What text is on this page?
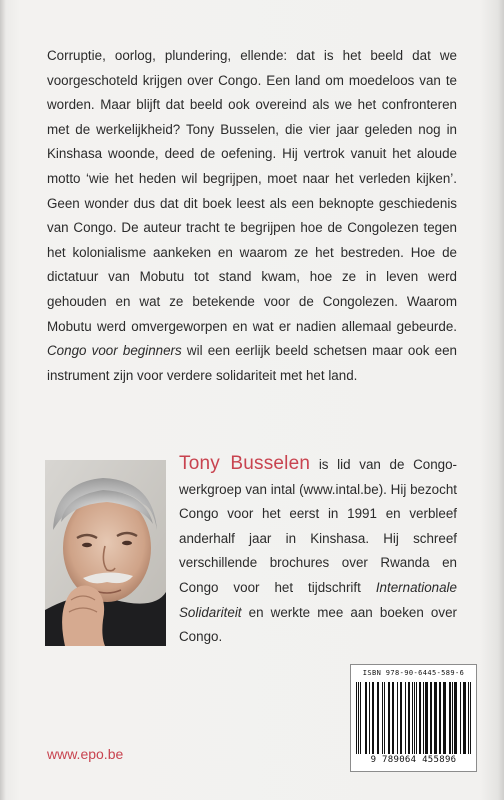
Corruptie, oorlog, plundering, ellende: dat is het beeld dat we voorgeschoteld krijgen over Congo. Een land om moedeloos van te worden. Maar blijft dat beeld ook overeind als we het confronteren met de werkelijkheid? Tony Busselen, die vier jaar geleden nog in Kinshasa woonde, deed de oefening. Hij vertrok vanuit het aloude motto ‘wie het heden wil begrijpen, moet naar het verleden kijken’. Geen wonder dus dat dit boek leest als een beknopte geschiedenis van Congo. De auteur tracht te begrijpen hoe de Congolezen tegen het kolonialisme aankeken en waarom ze het bestreden. Hoe de dictatuur van Mobutu tot stand kwam, hoe ze in leven werd gehouden en wat ze betekende voor de Congolezen. Waarom Mobutu werd omvergeworpen en wat er nadien allemaal gebeurde. Congo voor beginners wil een eerlijk beeld schetsen maar ook een instrument zijn voor verdere solidariteit met het land.

Tony Busselen is lid van de Congo-werkgroep van intal (www.intal.be). Hij bezocht Congo voor het eerst in 1991 en verbleef anderhalf jaar in Kinshasa. Hij schreef verschillende brochures over Rwanda en Congo voor het tijdschrift Internationale Solidariteit en werkte mee aan boeken over Congo.

www.epo.be
ISBN 978-90-6445-589-6
9 789064 455896
